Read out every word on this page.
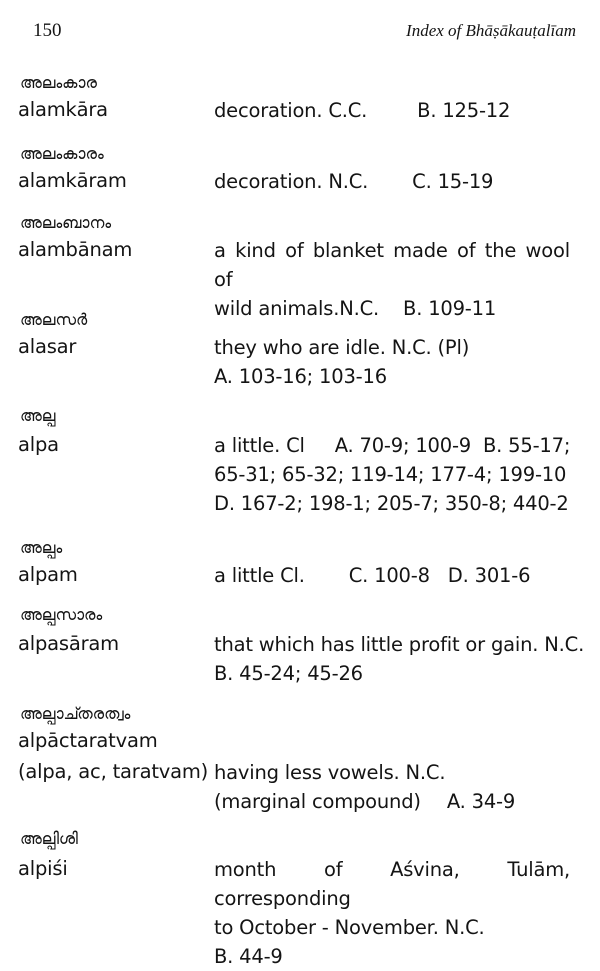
150	Index of Bhāṣākauṭalīam
അലംകാര
alamkāra	decoration. C.C.	B. 125-12
അലംകാരം
alamkāram	decoration. N.C. C. 15-19
അലംബാനം
alambānam	a kind of blanket made of the wool of
wild animals.N.C. B. 109-11
അലസർ
alasar	they who are idle. N.C. (Pl)
A. 103-16; 103-16
അല്പ
alpa	a little. Cl     A. 70-9; 100-9  B. 55-17;
65-31; 65-32; 119-14; 177-4; 199-10
D. 167-2; 198-1; 205-7; 350-8; 440-2
അല്പം
alpam	a little Cl. C. 100-8   D. 301-6
അല്പസാരം
alpasāram	that which has little profit or gain. N.C.
B. 45-24; 45-26
അല്പാച്തരത്വം
alpāctaratvam
(alpa, ac, taratvam) having less vowels. N.C.
(marginal compound) A. 34-9
അല്പിശി
alpiśi	month of Aśvina, Tulām, corresponding
to October - November. N.C.
B. 44-9
